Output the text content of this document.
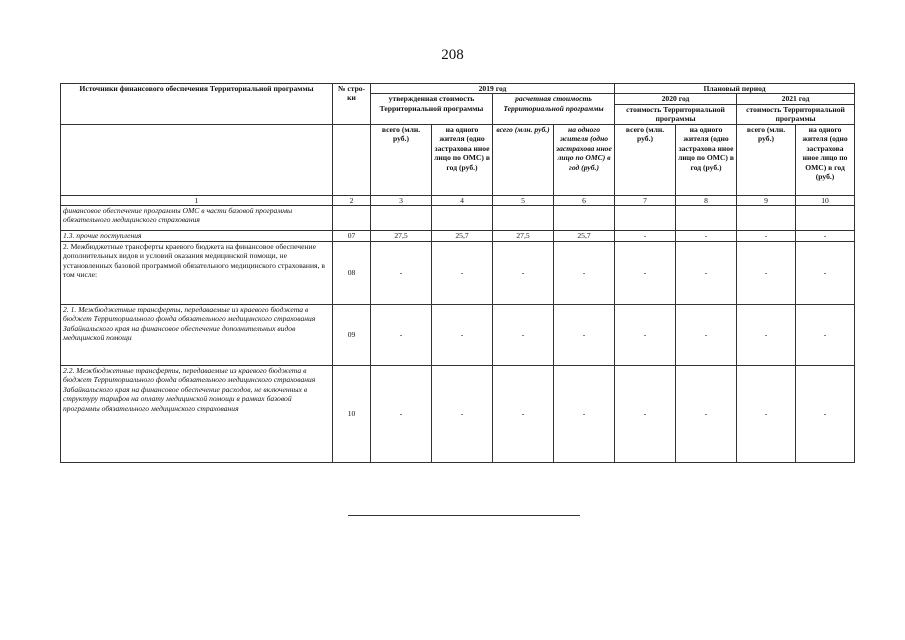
208
Источники финансового обеспечения Территориальной программы	№ стро-ки	2019 год				Плановый период			
		утвержденная стоимость Территориальной программы		расчетная стоимость Территориальной программы		2020 год		2021 год	
						стоимость Территориальной программы		стоимость Территориальной программы	
		всего (млн. руб.)	на одного жителя (одно застрахова нное лицо по ОМС) в год (руб.)	всего (млн. руб.)	на одного жителя (одно застрахова нное лицо по ОМС) в год (руб.)	всего (млн. руб.)	на одного жителя (одно застрахова нное лицо по ОМС) в год (руб.)	всего (млн. руб.)	на одного жителя (одно застрахова нное лицо по ОМС) в год (руб.)
1	2	3	4	5	6	7	8	9	10
финансовое обеспечение программы ОМС в части базовой программы обязательного медицинского страхования									
1.3. прочие поступления	07	27,5	25,7	27,5	25,7	-	-	-	-
2. Межбюджетные трансферты краевого бюджета на финансовое обеспечение дополнительных видов и условий оказания медицинской помощи, не установленных базовой программой обязательного медицинского страхования, в том числе:	08	-	-	-	-	-	-	-	-
2. 1. Межбюджетные трансферты, передаваемые из краевого бюджета в бюджет Территориального фонда обязательного медицинского страхования Забайкальского края на финансовое обеспечение дополнительных видов медицинской помощи	09	-	-	-	-	-	-	-	-
2.2. Межбюджетные трансферты, передаваемые из краевого бюджета в бюджет Территориального фонда обязательного медицинского страхования Забайкальского края на финансовое обеспечение расходов, не включенных в структуру тарифов на оплату медицинской помощи в рамках базовой программы обязательного медицинского страхования	10	-	-	-	-	-	-	-	-
